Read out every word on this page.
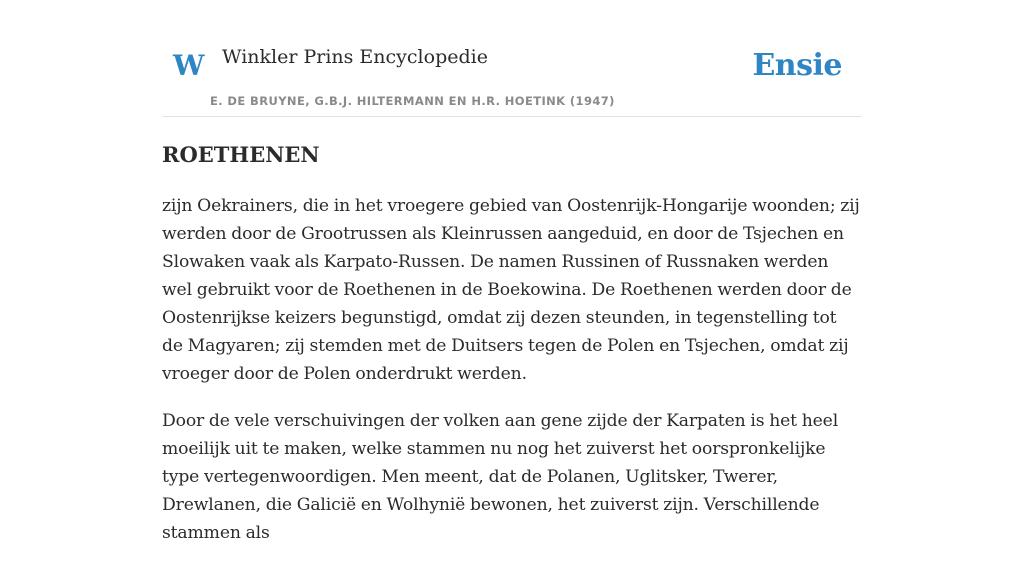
W Winkler Prins Encyclopedie
E. DE BRUYNE, G.B.J. HILTERMANN EN H.R. HOETINK (1947)
Ensie
ROETHENEN

zijn Oekrainers, die in het vroegere gebied van Oostenrijk-Hongarije woonden; zij werden door de Grootrussen als Kleinrussen aangeduid, en door de Tsjechen en Slowaken vaak als Karpato-Russen. De namen Russinen of Russnaken werden wel gebruikt voor de Roethenen in de Boekowina. De Roethenen werden door de Oostenrijkse keizers begunstigd, omdat zij dezen steunden, in tegenstelling tot de Magyaren; zij stemden met de Duitsers tegen de Polen en Tsjechen, omdat zij vroeger door de Polen onderdrukt werden.

Door de vele verschuivingen der volken aan gene zijde der Karpaten is het heel moeilijk uit te maken, welke stammen nu nog het zuiverst het oorspronkelijke type vertegenwoordigen. Men meent, dat de Polanen, Uglitsker, Twerer, Drewlanen, die Galicië en Wolhynië bewonen, het zuiverst zijn. Verschillende stammen als
